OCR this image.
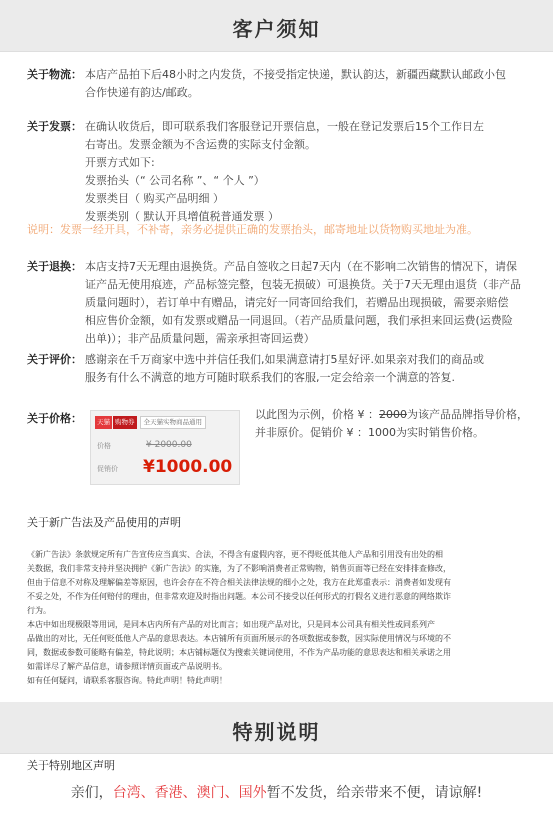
客户须知
关于物流： 本店产品拍下后48小时之内发货，不接受指定快递，默认韵达，新疆西藏默认邮政小包
合作快递有韵达/邮政。
关于发票： 在确认收货后，即可联系我们客服登记开票信息，一般在登记发票后15个工作日左
右寄出。发票金额为不含运费的实际支付金额。
开票方式如下:
发票抬头（“ 公司名称 ”、“ 个人 ”）
发票类目（ 购买产品明细 ）
发票类别（ 默认开具增值税普通发票 ）
说明：发票一经开具，不补寄，亲务必提供正确的发票抬头，邮寄地址以货物购买地址为准。
关于退换： 本店支持7天无理由退换货。产品自签收之日起7天内（在不影响二次销售的情况下，请保
证产品无使用痕迹，产品标签完整，包装无损破）可退换货。关于7天无理由退货（非产品
质量问题时），若订单中有赠品，请完好一同寄回给我们，若赠品出现损破，需要亲赔偿
相应售价金额，如有发票或赠品一同退回。（若产品质量问题，我们承担来回运费(运费险
出单)）；非产品质量问题，需亲承担寄回运费）
关于评价： 感谢亲在千万商家中选中并信任我们,如果满意请打5星好评.如果亲对我们的商品或
服务有什么不满意的地方可随时联系我们的客服,一定会给亲一个满意的答复.
关于价格：	天猫 购物券 全天猫实物商品通用
价格	¥ 2000.00
促销价 ¥1000.00
以此图为示例，价格 ¥ ：2000为该产品品牌指导价格，
并非原价。促销价 ¥ ：1000为实时销售价格。
关于新广告法及产品使用的声明
《新广告法》条款规定所有广告宣传应当真实、合法，不得含有虚假内容，更不得贬低其他人产品和引用没有出处的相
关数据，我们非常支持并坚决拥护《新广告法》的实施，为了不影响消费者正常购物，销售页面等已经在安排排查修改，
但由于信息不对称及理解偏差等原因，也许会存在不符合相关法律法规的细小之处，我方在此郑重表示：消费者如发现有
不妥之处，不作为任何赔付的理由，但非常欢迎及时指出问题。本公司不接受以任何形式的打假名义进行恶意的网络欺诈
行为。
本店中如出现极限等用词，是同本店内所有产品的对比而言；如出现产品对比，只是同本公司具有相关性或同系列产
品做出的对比，无任何贬低他人产品的意思表达。本店铺所有页面所展示的各项数据或参数，因实际使用情况与环境的不
同，数据或参数可能略有偏差，特此说明；本店铺标题仅为搜索关键词使用，不作为产品功能的意思表达和相关承诺之用
如需详尽了解产品信息，请参照详情页面或产品说明书。
如有任何疑问，请联系客服咨询。特此声明！特此声明！
特别说明
关于特别地区声明
亲们，台湾、香港、澳门、国外暂不发货，给亲带来不便，请谅解!
